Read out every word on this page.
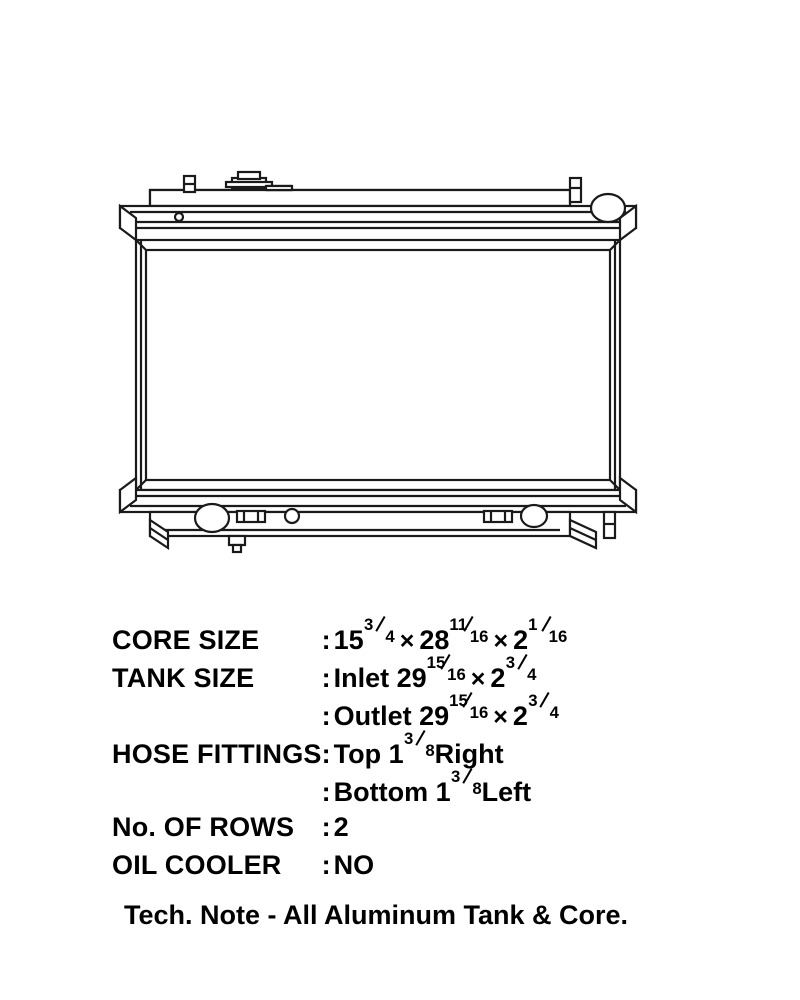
CORE SIZE	: 15
3
4 × 28
11
16 × 2
1
16

TANK SIZE	: Inlet 29
15
16 × 2
3
4

	: Outlet 29
15
16 × 2
3
4

HOSE FITTINGS	: Top 1
3
8 Right
	: Bottom 1
3
8 Left
No. OF ROWS	: 2
OIL COOLER	: NO
Tech. Note - All Aluminum Tank & Core.
